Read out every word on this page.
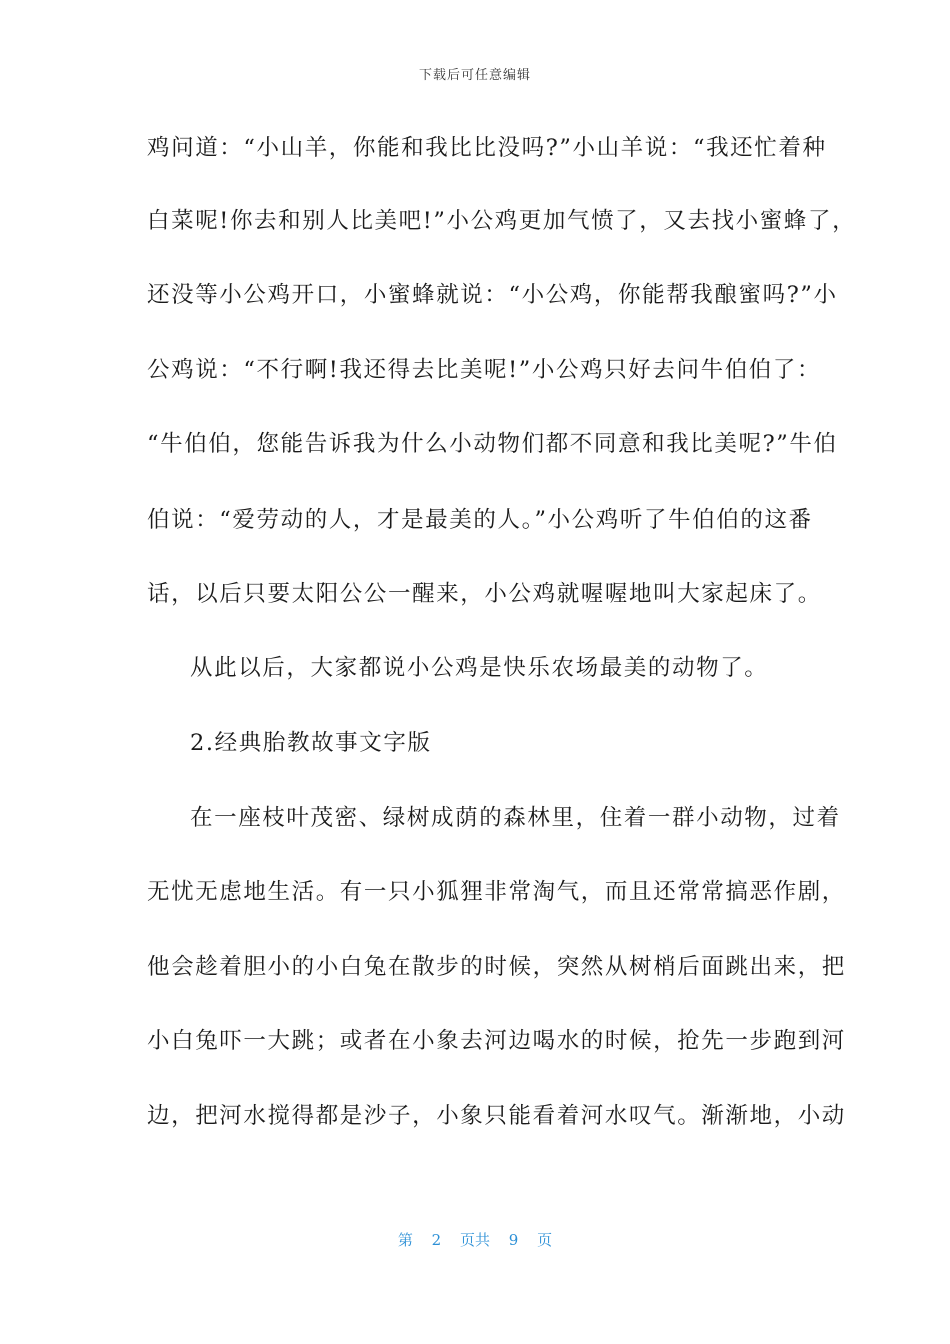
下载后可任意编辑
鸡问道：“小山羊，你能和我比比没吗?”小山羊说：“我还忙着种
白菜呢!你去和别人比美吧!”小公鸡更加气愤了，又去找小蜜蜂了，
还没等小公鸡开口，小蜜蜂就说：“小公鸡，你能帮我酿蜜吗?”小
公鸡说：“不行啊!我还得去比美呢!”小公鸡只好去问牛伯伯了：
“牛伯伯，您能告诉我为什么小动物们都不同意和我比美呢?”牛伯
伯说：“爱劳动的人，才是最美的人。”小公鸡听了牛伯伯的这番
话，以后只要太阳公公一醒来，小公鸡就喔喔地叫大家起床了。
从此以后，大家都说小公鸡是快乐农场最美的动物了。
2.经典胎教故事文字版
在一座枝叶茂密、绿树成荫的森林里，住着一群小动物，过着
无忧无虑地生活。有一只小狐狸非常淘气，而且还常常搞恶作剧，
他会趁着胆小的小白兔在散步的时候，突然从树梢后面跳出来，把
小白兔吓一大跳；或者在小象去河边喝水的时候，抢先一步跑到河
边，把河水搅得都是沙子，小象只能看着河水叹气。渐渐地，小动
第 2 页共 9 页
